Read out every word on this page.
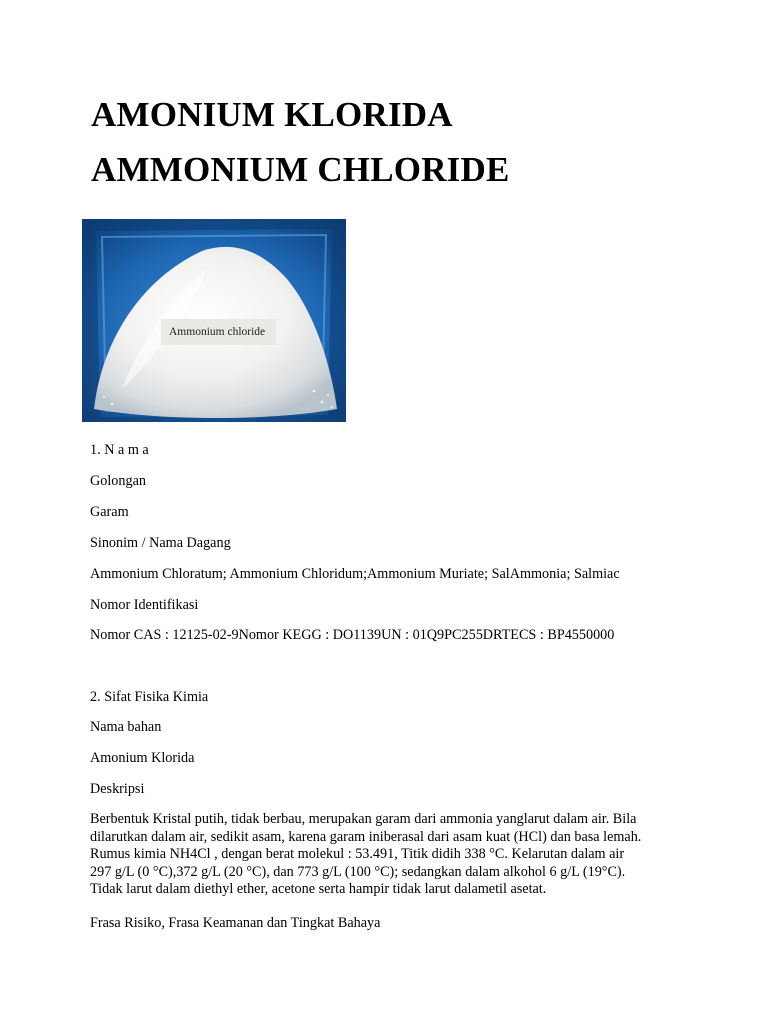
AMONIUM KLORIDA
AMMONIUM CHLORIDE
Ammonium chloride

1. N a m a

Golongan

Garam

Sinonim / Nama Dagang

Ammonium Chloratum; Ammonium Chloridum;Ammonium Muriate; SalAmmonia; Salmiac

Nomor Identifikasi

Nomor CAS : 12125-02-9Nomor KEGG : DO1139UN : 01Q9PC255DRTECS : BP4550000

2. Sifat Fisika Kimia

Nama bahan

Amonium Klorida

Deskripsi

Berbentuk Kristal putih, tidak berbau, merupakan garam dari ammonia yanglarut dalam air. Bila
dilarutkan dalam air, sedikit asam, karena garam iniberasal dari asam kuat (HCl) dan basa lemah.
Rumus kimia NH4Cl , dengan berat molekul : 53.491, Titik didih 338 °C. Kelarutan dalam air
297 g/L (0 °C),372 g/L (20 °C), dan 773 g/L (100 °C); sedangkan dalam alkohol 6 g/L (19°C).
Tidak larut dalam diethyl ether, acetone serta hampir tidak larut dalametil asetat.

Frasa Risiko, Frasa Keamanan dan Tingkat Bahaya
